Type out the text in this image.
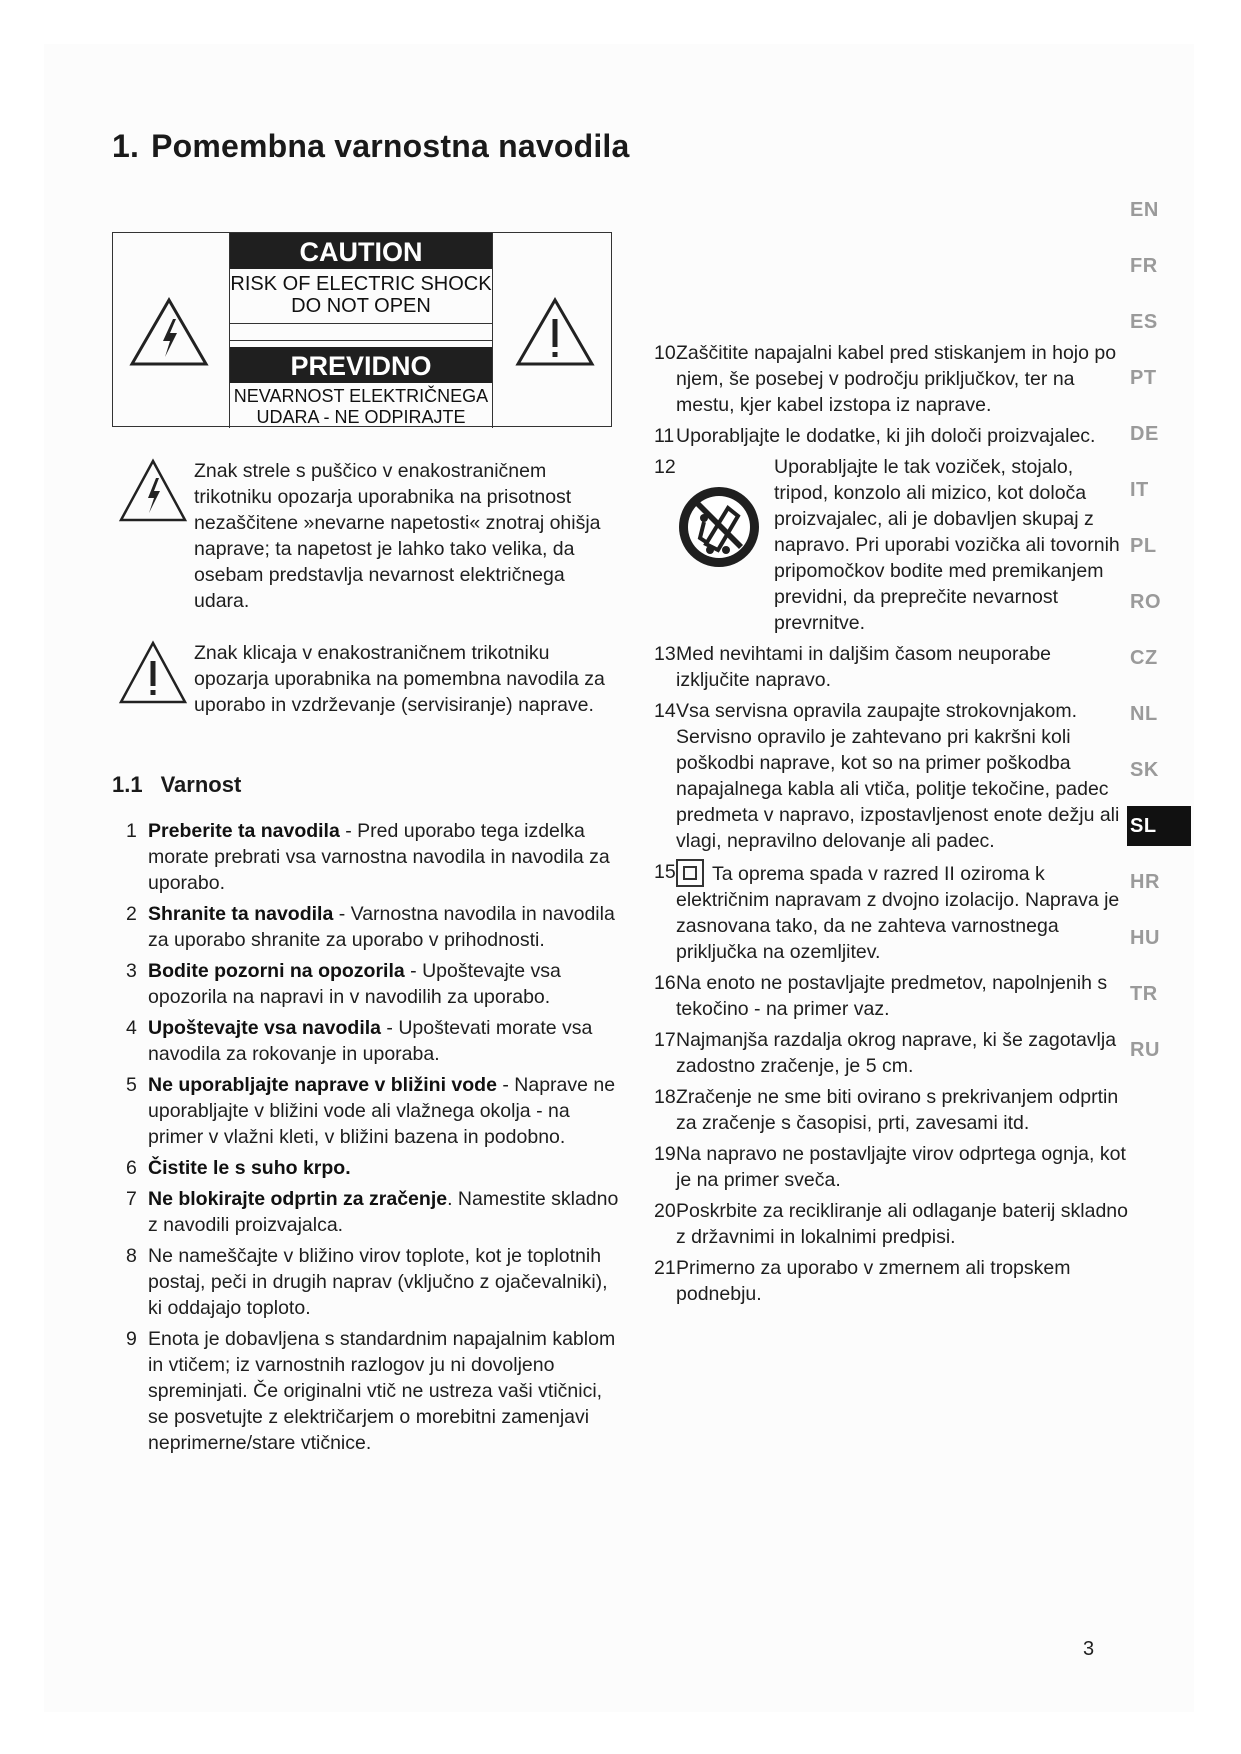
1. Pomembna varnostna navodila
CAUTION
RISK OF ELECTRIC SHOCK
DO NOT OPEN
PREVIDNO
NEVARNOST ELEKTRIČNEGA
UDARA - NE ODPIRAJTE

Znak strele s puščico v enakostraničnem trikotniku opozarja uporabnika na prisotnost nezaščitene »nevarne napetosti« znotraj ohišja naprave; ta napetost je lahko tako velika, da osebam predstavlja nevarnost električnega udara.

Znak klicaja v enakostraničnem trikotniku opozarja uporabnika na pomembna navodila za uporabo in vzdrževanje (servisiranje) naprave.

1.1 Varnost
1 Preberite ta navodila - Pred uporabo tega izdelka morate prebrati vsa varnostna navodila in navodila za uporabo.
2 Shranite ta navodila - Varnostna navodila in navodila za uporabo shranite za uporabo v prihodnosti.
3 Bodite pozorni na opozorila - Upoštevajte vsa opozorila na napravi in v navodilih za uporabo.
4 Upoštevajte vsa navodila - Upoštevati morate vsa navodila za rokovanje in uporaba.
5 Ne uporabljajte naprave v bližini vode - Naprave ne uporabljajte v bližini vode ali vlažnega okolja - na primer v vlažni kleti, v bližini bazena in podobno.
6 Čistite le s suho krpo.
7 Ne blokirajte odprtin za zračenje. Namestite skladno z navodili proizvajalca.
8 Ne nameščajte v bližino virov toplote, kot je toplotnih postaj, peči in drugih naprav (vključno z ojačevalniki), ki oddajajo toploto.
9 Enota je dobavljena s standardnim napajalnim kablom in vtičem; iz varnostnih razlogov ju ni dovoljeno spreminjati. Če originalni vtič ne ustreza vaši vtičnici, se posvetujte z električarjem o morebitni zamenjavi neprimerne/stare vtičnice.
10 Zaščitite napajalni kabel pred stiskanjem in hojo po njem, še posebej v področju priključkov, ter na mestu, kjer kabel izstopa iz naprave.
11 Uporabljajte le dodatke, ki jih določi proizvajalec.
12	Uporabljajte le tak voziček, stojalo, tripod, konzolo ali mizico, kot določa proizvajalec, ali je dobavljen skupaj z napravo. Pri uporabi vozička ali tovornih pripomočkov bodite med premikanjem previdni, da preprečite nevarnost prevrnitve.
13 Med nevihtami in daljšim časom neuporabe izključite napravo.
14 Vsa servisna opravila zaupajte strokovnjakom. Servisno opravilo je zahtevano pri kakršni koli poškodbi naprave, kot so na primer poškodba napajalnega kabla ali vtiča, politje tekočine, padec predmeta v napravo, izpostavljenost enote dežju ali vlagi, nepravilno delovanje ali padec.
15	Ta oprema spada v razred II oziroma k električnim napravam z dvojno izolacijo. Naprava je zasnovana tako, da ne zahteva varnostnega priključka na ozemljitev.
16 Na enoto ne postavljajte predmetov, napolnjenih s tekočino - na primer vaz.
17 Najmanjša razdalja okrog naprave, ki še zagotavlja zadostno zračenje, je 5 cm.
18 Zračenje ne sme biti ovirano s prekrivanjem odprtin za zračenje s časopisi, prti, zavesami itd.
19 Na napravo ne postavljajte virov odprtega ognja, kot je na primer sveča.
20 Poskrbite za recikliranje ali odlaganje baterij skladno z državnimi in lokalnimi predpisi.
21 Primerno za uporabo v zmernem ali tropskem podnebju.
EN
FR
ES
PT
DE
IT
PL
RO
CZ
NL
SK
SL
HR
HU
TR
RU
3
